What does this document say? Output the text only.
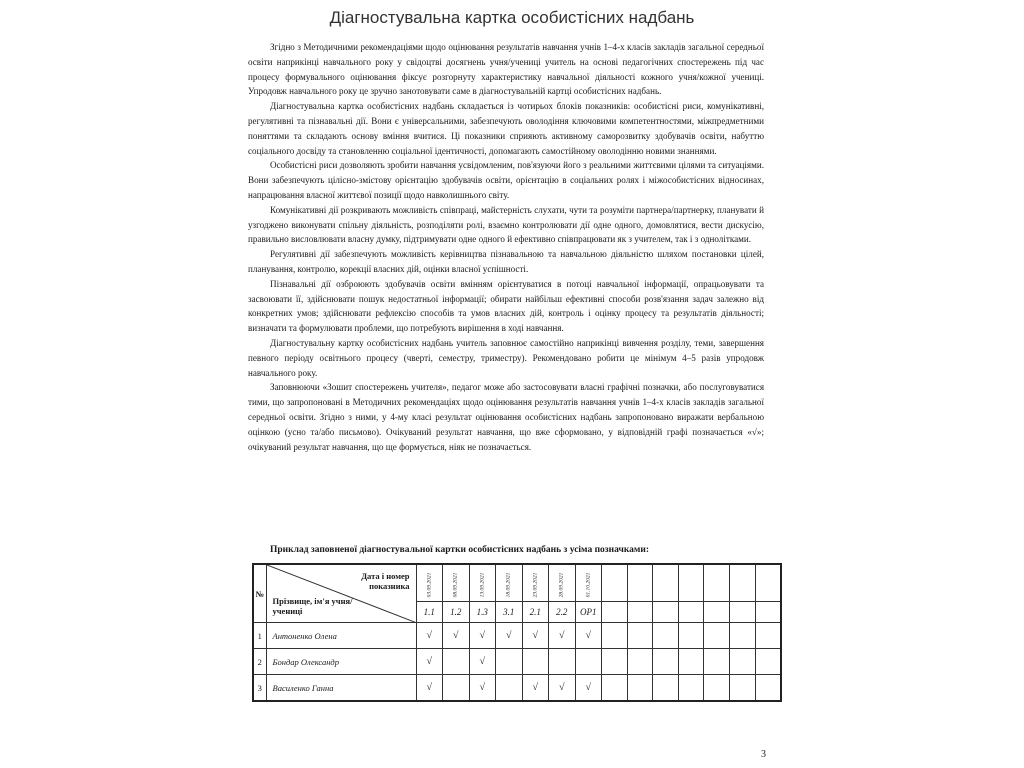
Діагностувальна картка особистісних надбань

Згідно з Методичними рекомендаціями щодо оцінювання результатів навчання учнів 1–4-х класів закладів загальної середньої освіти наприкінці навчального року у свідоцтві досягнень учня/учениці учитель на основі педагогічних спостережень під час процесу формувального оцінювання фіксує розгорнуту характеристику навчальної діяльності кожного учня/кожної учениці. Упродовж навчального року це зручно занотовувати саме в діагностувальній картці особистісних надбань.

Діагностувальна картка особистісних надбань складається із чотирьох блоків показників: особистісні риси, комунікативні, регулятивні та пізнавальні дії. Вони є універсальними, забезпечують оволодіння ключовими компетентностями, міжпредметними поняттями та складають основу вміння вчитися. Ці показники сприяють активному саморозвитку здобувачів освіти, набуттю соціального досвіду та становленню соціальної ідентичності, допомагають самостійному оволодінню новими знаннями.

Особистісні риси дозволяють зробити навчання усвідомленим, пов'язуючи його з реальними життєвими цілями та ситуаціями. Вони забезпечують цілісно-змістову орієнтацію здобувачів освіти, орієнтацію в соціальних ролях і міжособистісних відносинах, напрацювання власної життєвої позиції щодо навколишнього світу.

Комунікативні дії розкривають можливість співпраці, майстерність слухати, чути та розуміти партнера/партнерку, планувати й узгоджено виконувати спільну діяльність, розподіляти ролі, взаємно контролювати дії одне одного, домовлятися, вести дискусію, правильно висловлювати власну думку, підтримувати одне одного й ефективно співпрацювати як з учителем, так і з однолітками.

Регулятивні дії забезпечують можливість керівництва пізнавальною та навчальною діяльністю шляхом постановки цілей, планування, контролю, корекції власних дій, оцінки власної успішності.

Пізнавальні дії озброюють здобувачів освіти вмінням орієнтуватися в потоці навчальної інформації, опрацьовувати та засвоювати її, здійснювати пошук недостатньої інформації; обирати найбільш ефективні способи розв'язання задач залежно від конкретних умов; здійснювати рефлексію способів та умов власних дій, контроль і оцінку процесу та результатів діяльності; визначати та формулювати проблеми, що потребують вирішення в ході навчання.

Діагностувальну картку особистісних надбань учитель заповнює самостійно наприкінці вивчення розділу, теми, завершення певного періоду освітнього процесу (чверті, семестру, триместру). Рекомендовано робити це мінімум 4–5 разів упродовж навчального року.

Заповнюючи «Зошит спостережень учителя», педагог може або застосовувати власні графічні позначки, або послуговуватися тими, що запропоновані в Методичних рекомендаціях щодо оцінювання результатів навчання учнів 1–4-х класів закладів загальної середньої освіти. Згідно з ними, у 4-му класі результат оцінювання особистісних надбань запропоновано виражати вербальною оцінкою (усно та/або письмово). Очікуваний результат навчання, що вже сформовано, у відповідній графі позначається «√»; очікуваний результат навчання, що ще формується, ніяк не позначається.

Приклад заповненої діагностувальної картки особистісних надбань з усіма позначками:
№	Дата і номер показника
Прізвище, ім'я учня/учениці	03.09.2021	08.09.2021	13.09.2021	18.09.2021	23.09.2021	28.09.2021	01.10.2021							
		1.1	1.2	1.3	3.1	2.1	2.2	ОР1							
1	Антоненко Олена	√	√	√	√	√	√	√							
2	Бондар Олександр	√		√											
3	Василенко Ганна	√		√		√	√	√							
3
